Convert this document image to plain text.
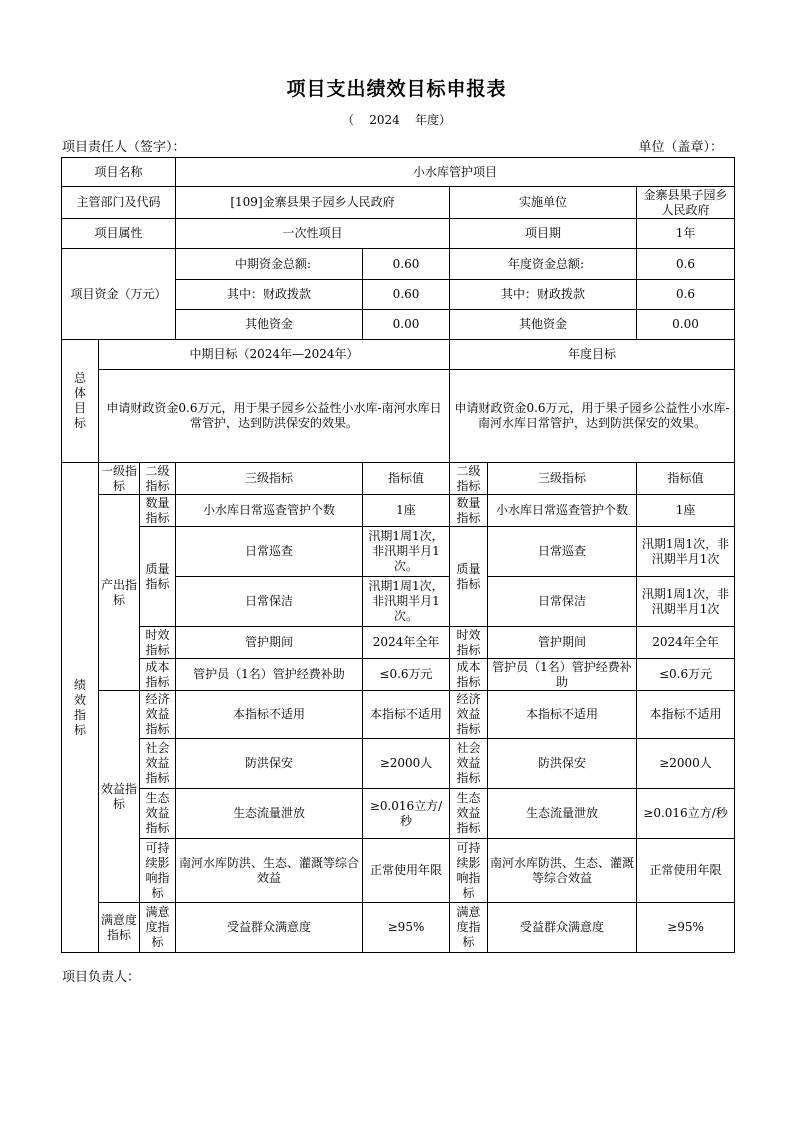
项目支出绩效目标申报表
（ 2024 年度）
项目责任人（签字）：	单位（盖章）：
项目名称			小水库管护项目				
主管部门及代码			[109]金寨县果子园乡人民政府		实施单位		金寨县果子园乡人民政府
项目属性			一次性项目		项目期		1年
项目资金（万元）			中期资金总额:	0.60	年度资金总额:		0.6
			其中：财政拨款	0.60	其中：财政拨款		0.6
			其他资金	0.00	其他资金		0.00
总体目标	中期目标（2024年—2024年）				年度目标		
	申请财政资金0.6万元，用于果子园乡公益性小水库-南河水库日常管护，达到防洪保安的效果。				申请财政资金0.6万元，用于果子园乡公益性小水库-南河水库日常管护，达到防洪保安的效果。		
绩效指标	一级指标	二级指标	三级指标	指标值	二级指标	三级指标	指标值
	产出指标	数量指标	小水库日常巡查管护个数	1座	数量指标	小水库日常巡查管护个数	1座
		质量指标	日常巡查	汛期1周1次，非汛期半月1次。	质量指标	日常巡查	汛期1周1次，非汛期半月1次
			日常保洁	汛期1周1次，非汛期半月1次。		日常保洁	汛期1周1次，非汛期半月1次
		时效指标	管护期间	2024年全年	时效指标	管护期间	2024年全年
		成本指标	管护员（1名）管护经费补助	≤0.6万元	成本指标	管护员（1名）管护经费补助	≤0.6万元
	效益指标	经济效益指标	本指标不适用	本指标不适用	经济效益指标	本指标不适用	本指标不适用
		社会效益指标	防洪保安	≥2000人	社会效益指标	防洪保安	≥2000人
		生态效益指标	生态流量泄放	≥0.016立方/秒	生态效益指标	生态流量泄放	≥0.016立方/秒
		可持续影响指标	南河水库防洪、生态、灌溉等综合效益	正常使用年限	可持续影响指标	南河水库防洪、生态、灌溉等综合效益	正常使用年限
	满意度指标	满意度指标	受益群众满意度	≥95%	满意度指标	受益群众满意度	≥95%
项目负责人：
